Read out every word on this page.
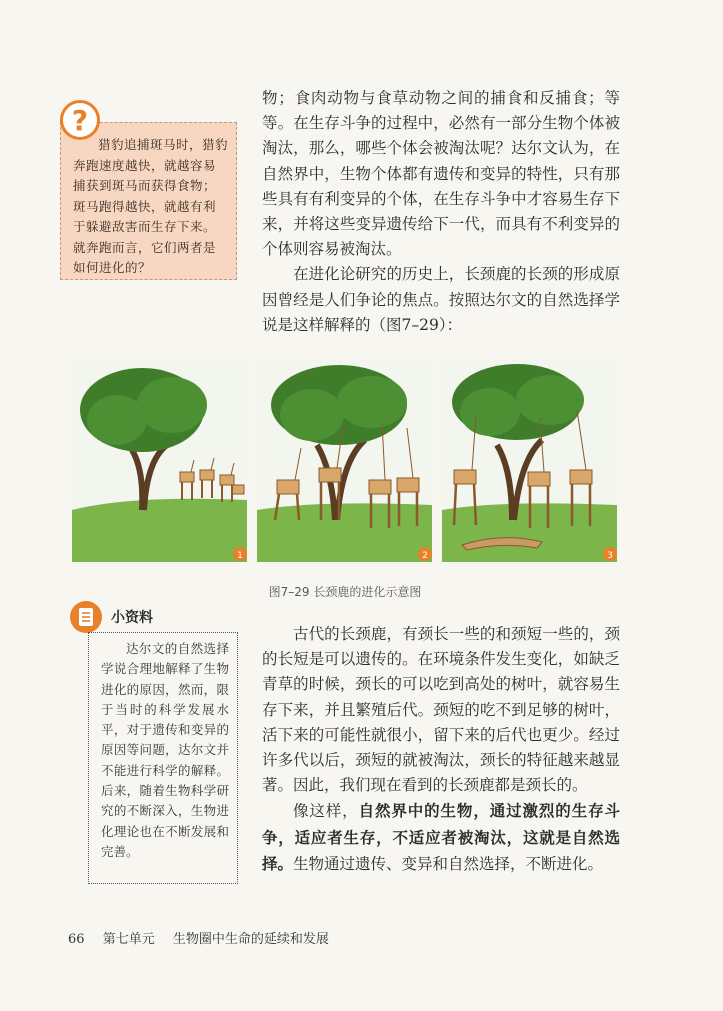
猎豹追捕斑马时，猎豹奔跑速度越快，就越容易捕获到斑马而获得食物；斑马跑得越快，就越有利于躲避敌害而生存下来。就奔跑而言，它们两者是如何进化的？
?

物；食肉动物与食草动物之间的捕食和反捕食；等等。在生存斗争的过程中，必然有一部分生物个体被淘汰，那么，哪些个体会被淘汰呢？达尔文认为，在自然界中，生物个体都有遗传和变异的特性，只有那些具有有利变异的个体，在生存斗争中才容易生存下来，并将这些变异遗传给下一代，而具有不利变异的个体则容易被淘汰。

在进化论研究的历史上，长颈鹿的长颈的形成原因曾经是人们争论的焦点。按照达尔文的自然选择学说是这样解释的（图7–29）：

1	2	3
图7–29 长颈鹿的进化示意图
小资料
达尔文的自然选择学说合理地解释了生物进化的原因，然而，限于当时的科学发展水平，对于遗传和变异的原因等问题，达尔文并不能进行科学的解释。后来，随着生物科学研究的不断深入，生物进化理论也在不断发展和完善。

古代的长颈鹿，有颈长一些的和颈短一些的，颈的长短是可以遗传的。在环境条件发生变化，如缺乏青草的时候，颈长的可以吃到高处的树叶，就容易生存下来，并且繁殖后代。颈短的吃不到足够的树叶，活下来的可能性就很小，留下来的后代也更少。经过许多代以后，颈短的就被淘汰，颈长的特征越来越显著。因此，我们现在看到的长颈鹿都是颈长的。

像这样，自然界中的生物，通过激烈的生存斗争，适应者生存，不适应者被淘汰，这就是自然选择。生物通过遗传、变异和自然选择，不断进化。

66 第七单元 生物圈中生命的延续和发展
